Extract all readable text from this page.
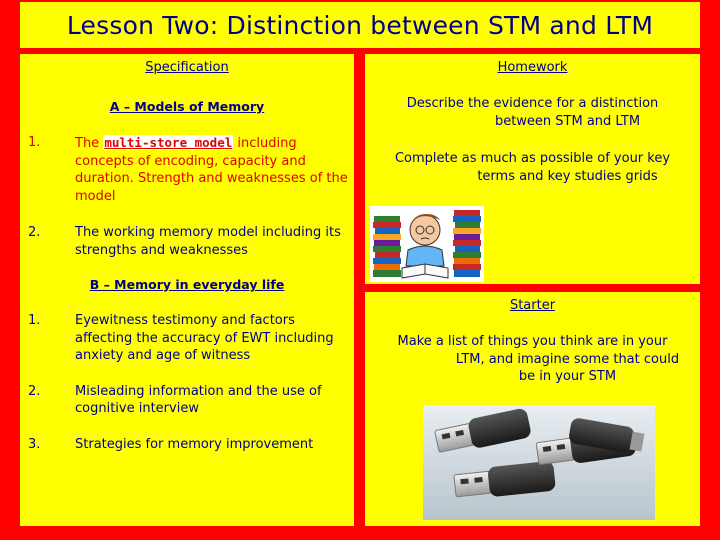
Lesson Two: Distinction between STM and LTM

Specification

A – Models of Memory

1.	The multi-store model including concepts of encoding, capacity and duration. Strength and weaknesses of the model
2.	The working memory model including its strengths and weaknesses

B – Memory in everyday life

1.	Eyewitness testimony and factors affecting the accuracy of EWT including anxiety and age of witness
2.	Misleading information and the use of cognitive interview
3.	Strategies for memory improvement

Homework

Describe the evidence for a distinction between STM and LTM

Complete as much as possible of your key terms and key studies grids

Starter

Make a list of things you think are in your LTM, and imagine some that could be in your STM
